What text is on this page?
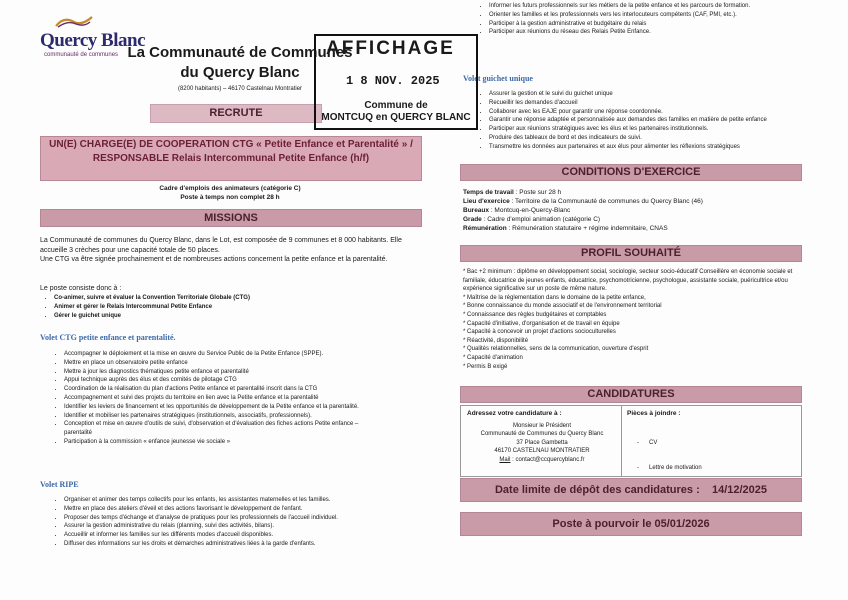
Quercy Blanc
communauté de communes La Communauté de Communes
du Quercy Blanc
(8200 habitants) – 46170 Castelnau Montratier
RECRUTE
UN(E) CHARGE(E) DE COOPERATION CTG « Petite Enfance et Parentalité » / RESPONSABLE Relais Intercommunal Petite Enfance (h/f)
Cadre d'emplois des animateurs (catégorie C)
Poste à temps non complet 28 h
MISSIONS
La Communauté de communes du Quercy Blanc, dans le Lot, est composée de 9 communes et 8 000 habitants. Elle accueille 3 crèches pour une capacité totale de 50 places.
Une CTG va être signée prochainement et de nombreuses actions concernent la petite enfance et la parentalité.
Le poste consiste donc à :
• Co-animer, suivre et évaluer la Convention Territoriale Globale (CTG)
• Animer et gérer le Relais Intercommunal Petite Enfance
• Gérer le guichet unique
Volet CTG petite enfance et parentalité.
• Accompagner le déploiement et la mise en œuvre du Service Public de la Petite Enfance (SPPE).
• Mettre en place un observatoire petite enfance
• Mettre à jour les diagnostics thématiques petite enfance et parentalité
• Appui technique auprès des élus et des comités de pilotage CTG
• Coordination de la réalisation du plan d'actions Petite enfance et parentalité inscrit dans la CTG
• Accompagnement et suivi des projets du territoire en lien avec la Petite enfance et la parentalité
• Identifier les leviers de financement et les opportunités de développement de la Petite enfance et la parentalité.
• Identifier et mobiliser les partenaires stratégiques (institutionnels, associatifs, professionnels).
• Conception et mise en œuvre d'outils de suivi, d'observation et d'évaluation des fiches actions Petite enfance – parentalité
• Participation à la commission « enfance jeunesse vie sociale »
Volet RIPE
• Organiser et animer des temps collectifs pour les enfants, les assistantes maternelles et les familles.
• Mettre en place des ateliers d'éveil et des actions favorisant le développement de l'enfant.
• Proposer des temps d'échange et d'analyse de pratiques pour les professionnels de l'accueil individuel.
• Assurer la gestion administrative du relais (planning, suivi des activités, bilans).
• Accueillir et informer les familles sur les différents modes d'accueil disponibles.
• Diffuser des informations sur les droits et démarches administratives liées à la garde d'enfants.
• Informer les futurs professionnels sur les métiers de la petite enfance et les parcours de formation.
• Orienter les familles et les professionnels vers les interlocuteurs compétents (CAF, PMI, etc.).
• Participer à la gestion administrative et budgétaire du relais
• Participer aux réunions du réseau des Relais Petite Enfance.
Volet guichet unique
• Assurer la gestion et le suivi du guichet unique
• Recueillir les demandes d'accueil
• Collaborer avec les EAJE pour garantir une réponse coordonnée.
• Garantir une réponse adaptée et personnalisée aux demandes des familles en matière de petite enfance
• Participer aux réunions stratégiques avec les élus et les partenaires institutionnels.
• Produire des tableaux de bord et des indicateurs de suivi.
• Transmettre les données aux partenaires et aux élus pour alimenter les réflexions stratégiques
AFFICHAGE
1 8 NOV. 2025
Commune de
MONTCUQ en QUERCY BLANC
CONDITIONS D'EXERCICE
Temps de travail : Poste sur 28 h
Lieu d'exercice : Territoire de la Communauté de communes du Quercy Blanc (46)
Bureaux : Montcuq-en-Quercy-Blanc
Grade : Cadre d'emploi animation (catégorie C)
Rémunération : Rémunération statutaire + régime indemnitaire, CNAS
PROFIL SOUHAITÉ
* Bac +2 minimum : diplôme en développement social, sociologie, secteur socio-éducatif Conseillère en économie sociale et familiale, éducatrice de jeunes enfants, éducatrice, psychomotricienne, psychologue, assistante sociale, puéricultrice et/ou expérience significative sur un poste de même nature.
* Maîtrise de la réglementation dans le domaine de la petite enfance,
* Bonne connaissance du monde associatif et de l'environnement territorial
* Connaissance des règles budgétaires et comptables
* Capacité d'initiative, d'organisation et de travail en équipe
* Capacité à concevoir un projet d'actions socioculturelles
* Réactivité, disponibilité
* Qualités relationnelles, sens de la communication, ouverture d'esprit
* Capacité d'animation
* Permis B exigé
CANDIDATURES
Adressez votre candidature à :
Monsieur le Président
Communauté de Communes du Quercy Blanc
37 Place Gambetta
46170 CASTELNAU MONTRATIER
Mail : contact@ccquercyblanc.fr
Pièces à joindre :

-      CV

-      Lettre de motivation

Date limite de dépôt des candidatures :    14/12/2025
Poste à pourvoir le 05/01/2026
